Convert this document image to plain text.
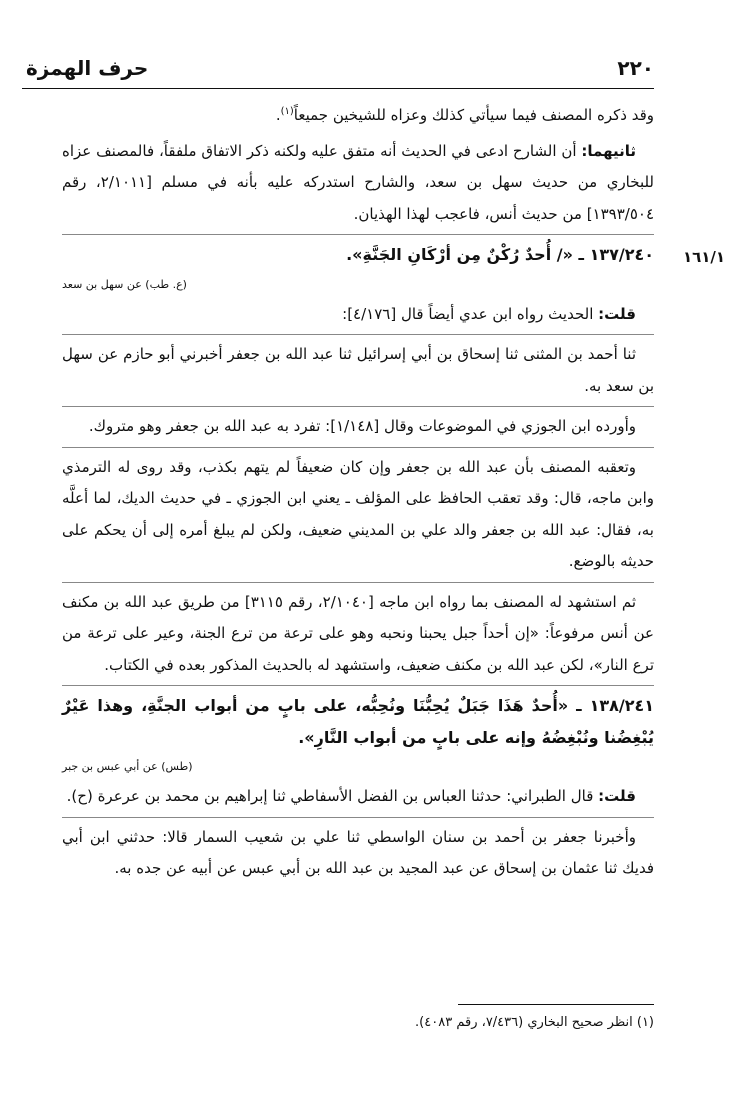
٢٢٠
حرف الهمزة
١٦١/١

وقد ذكره المصنف فيما سيأتي كذلك وعزاه للشيخين جميعاً$^{(١)}$.

ثانيهما: أن الشارح ادعى في الحديث أنه متفق عليه ولكنه ذكر الاتفاق ملفقاً، فالمصنف عزاه للبخاري من حديث سهل بن سعد، والشارح استدركه عليه بأنه في مسلم [٢/١٠١١، رقم ١٣٩٣/٥٠٤] من حديث أنس، فاعجب لهذا الهذيان.

١٣٧/٢٤٠ ـ «/ أُحدٌ رُكْنٌ مِن أرْكَانِ الجَنَّةِ».

(ع. طب) عن سهل بن سعد

قلت: الحديث رواه ابن عدي أيضاً قال [٤/١٧٦]:

ثنا أحمد بن المثنى ثنا إسحاق بن أبي إسرائيل ثنا عبد الله بن جعفر أخبرني أبو حازم عن سهل بن سعد به.

وأورده ابن الجوزي في الموضوعات وقال [١/١٤٨]: تفرد به عبد الله بن جعفر وهو متروك.

وتعقبه المصنف بأن عبد الله بن جعفر وإن كان ضعيفاً لم يتهم بكذب، وقد روى له الترمذي وابن ماجه، قال: وقد تعقب الحافظ على المؤلف ـ يعني ابن الجوزي ـ في حديث الديك، لما أعلَّه به، فقال: عبد الله بن جعفر والد علي بن المديني ضعيف، ولكن لم يبلغ أمره إلى أن يحكم على حديثه بالوضع.

ثم استشهد له المصنف بما رواه ابن ماجه [٢/١٠٤٠، رقم ٣١١٥] من طريق عبد الله بن مكنف عن أنس مرفوعاً: «إن أحداً جبل يحبنا ونحبه وهو على ترعة من ترع الجنة، وعير على ترعة من ترع النار»، لكن عبد الله بن مكنف ضعيف، واستشهد له بالحديث المذكور بعده في الكتاب.

١٣٨/٢٤١ ـ «أُحدٌ هَذَا جَبَلٌ يُحِبُّنَا ونُحِبُّه، على بابٍ من أبواب الجنَّةِ، وهذا عَيْرٌ يُبْغِضُنا ونُبْغِضُهُ وإنه على بابٍ من أبواب النَّارِ».

(طس) عن أبي عبس بن جبر

قلت: قال الطبراني: حدثنا العباس بن الفضل الأسفاطي ثنا إبراهيم بن محمد بن عرعرة (ح).

وأخبرنا جعفر بن أحمد بن سنان الواسطي ثنا علي بن شعيب السمار قالا: حدثني ابن أبي فديك ثنا عثمان بن إسحاق عن عبد المجيد بن عبد الله بن أبي عبس عن أبيه عن جده به.

(١) انظر صحيح البخاري (٧/٤٣٦، رقم ٤٠٨٣).
